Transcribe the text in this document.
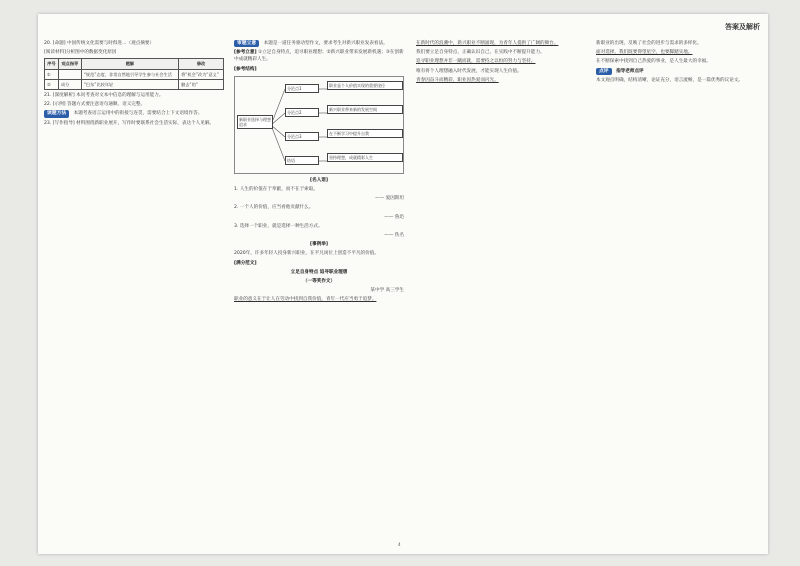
答案及解析

20. [命题] 中国传统文化需要与时俱进...（观点摘要）

[阅读材料]分析图中的数据变化原因

序号	观点指导	题解	修改
①		“规范”态度，非常自然地引导学生参与社会生活	将“机会”改为“意义”
②	成分	“巴东”比较年轻	删去“的”

21. [深度解析] 本问考查对文本中信息的理解与运用能力。

22. [示例] 答题方式要注意语句通顺、语义完整。

读题方法 本题考查语言运用中的衔接与连贯，需要结合上下文语境作答。

23. [写作指导] 材料围绕新职业展开，写作时要联系社会生活实际，表达个人见解。

审题立意 本题是一道任务驱动型作文，要求考生对新兴职业发表看法。

[参考立意] ①立足自身特点，追寻职业理想；②新兴职业带来发展新机遇；③在创新中成就精彩人生。

[参考结构]

新职业选择与理想追求
分论点1
分论点2
分论点3
结语
职业是个人价值实现的重要途径
新兴职业带来新的发展空间
在不断学习中提升自我
坚持理想，成就精彩人生

[名人语]

1. 人生的价值在于奉献，而不在于索取。

—— 爱因斯坦

2. 一个人的价值，应当看他贡献什么。

—— 鲁迅

3. 选择一个职业，就是选择一种生活方式。

—— 佚名

[事例举]

2020年，许多年轻人投身新兴职业，在平凡岗位上创造不平凡的价值。

[满分范文]

立足自身特点 追寻职业理想

（一等奖作文）

某中学 高三学生

职业的意义在于让人在劳动中找到自我价值，青年一代应当勇于追梦。

在新时代的浪潮中，新兴职业不断涌现，为青年人提供了广阔的舞台。

我们要立足自身特点，正确认识自己，在实践中不断提升能力。

追寻职业理想并非一蹴而就，需要持之以恒的努力与坚持。

唯有将个人理想融入时代发展，才能实现人生价值。

青春因奋斗而精彩，职业因热爱而闪光。

新职业的出现，反映了社会的进步与需求的多样化。

面对选择，我们既要仰望星空，也要脚踏实地。

在不断探索中找到自己热爱的事业，是人生最大的幸福。

点评 指导老师点评

本文观点明确，结构清晰，论证充分，语言流畅，是一篇优秀的议论文。

4
